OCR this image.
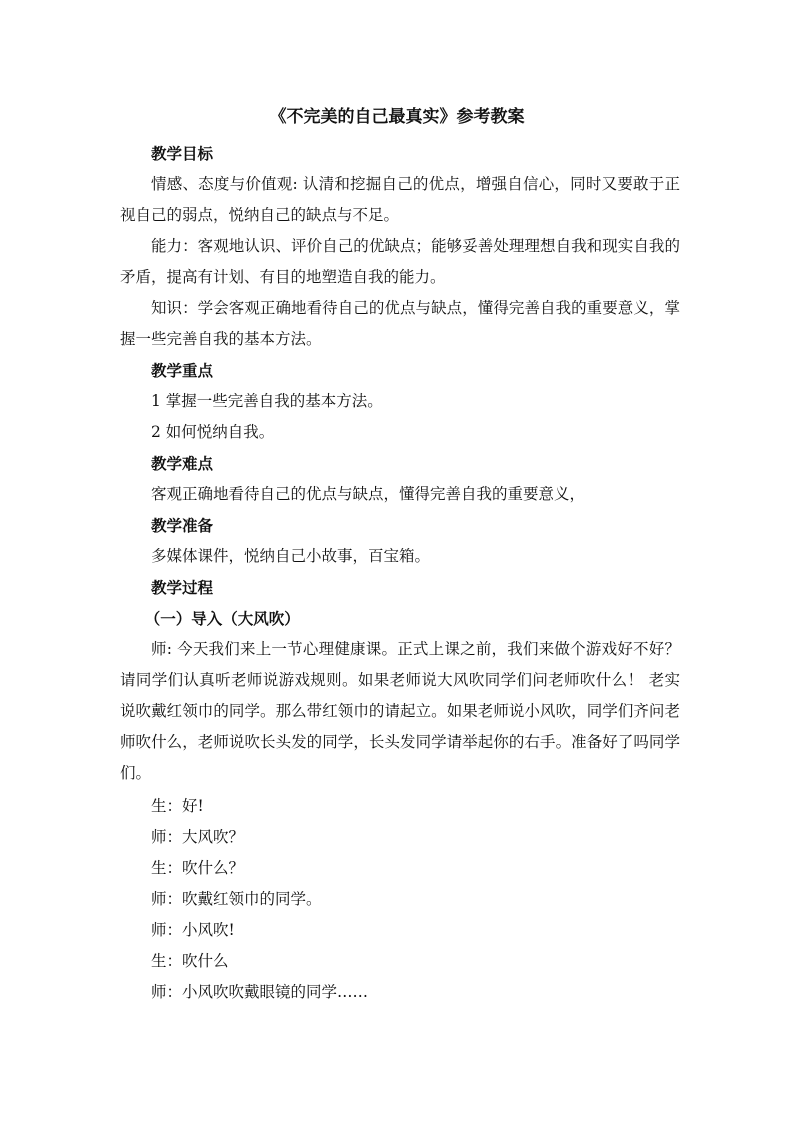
《不完美的自己最真实》参考教案

教学目标

情感、态度与价值观: 认清和挖掘自己的优点，增强自信心，同时又要敢于正视自己的弱点，悦纳自己的缺点与不足。

能力：客观地认识、评价自己的优缺点；能够妥善处理理想自我和现实自我的矛盾，提高有计划、有目的地塑造自我的能力。

知识：学会客观正确地看待自己的优点与缺点，懂得完善自我的重要意义，掌握一些完善自我的基本方法。

教学重点

1 掌握一些完善自我的基本方法。

2 如何悦纳自我。

教学难点

客观正确地看待自己的优点与缺点，懂得完善自我的重要意义，

教学准备

多媒体课件，悦纳自己小故事，百宝箱。

教学过程

（一）导入（大风吹）

师: 今天我们来上一节心理健康课。正式上课之前，我们来做个游戏好不好？请同学们认真听老师说游戏规则。如果老师说大风吹同学们问老师吹什么！ 老实说吹戴红领巾的同学。那么带红领巾的请起立。如果老师说小风吹，同学们齐问老师吹什么，老师说吹长头发的同学，长头发同学请举起你的右手。准备好了吗同学们。

生：好!

师：大风吹？

生：吹什么？

师：吹戴红领巾的同学。

师：小风吹!

生：吹什么

师：小风吹吹戴眼镜的同学……
